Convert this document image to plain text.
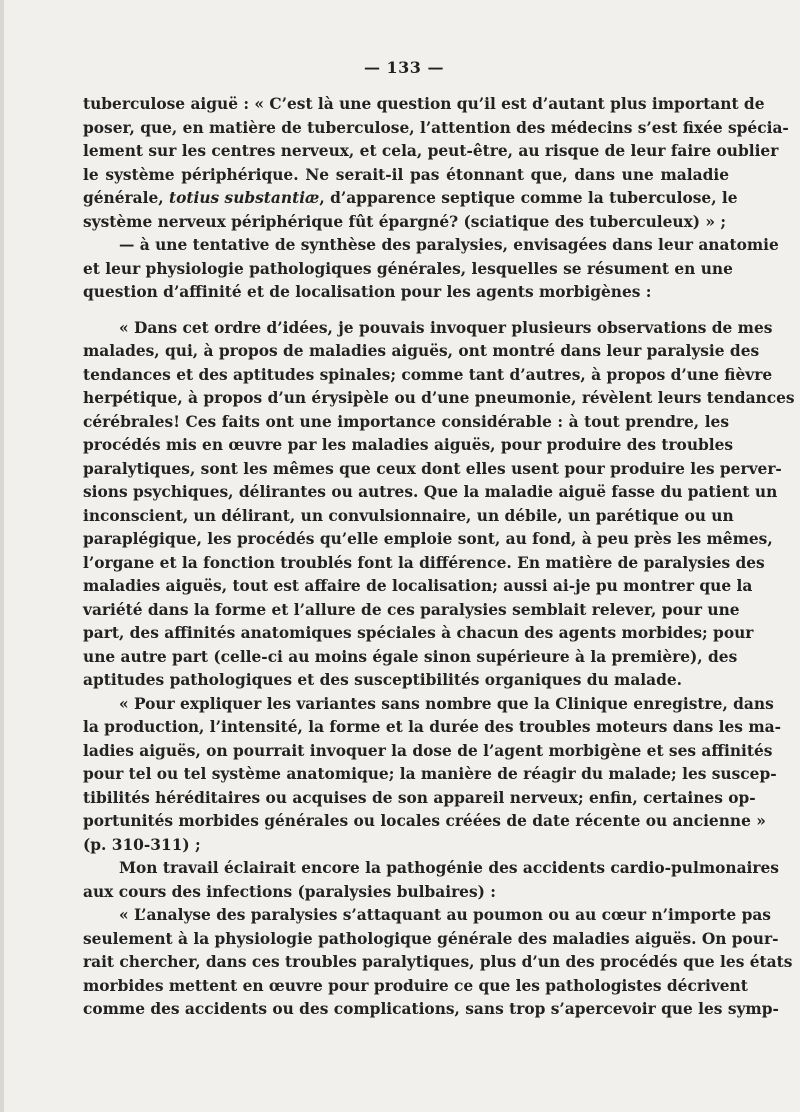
— 133 —
tuberculose aiguë : « C’est là une question qu’il est d’autant plus important de
poser, que, en matière de tuberculose, l’attention des médecins s’est fixée spécia-
lement sur les centres nerveux, et cela, peut-être, au risque de leur faire oublier
le système périphérique. Ne serait-il pas étonnant que, dans une maladie
générale, totius substantiæ, d’apparence septique comme la tuberculose, le
système nerveux périphérique fût épargné? (sciatique des tuberculeux) » ;
— à une tentative de synthèse des paralysies, envisagées dans leur anatomie
et leur physiologie pathologiques générales, lesquelles se résument en une
question d’affinité et de localisation pour les agents morbigènes :
« Dans cet ordre d’idées, je pouvais invoquer plusieurs observations de mes
malades, qui, à propos de maladies aiguës, ont montré dans leur paralysie des
tendances et des aptitudes spinales; comme tant d’autres, à propos d’une fièvre
herpétique, à propos d’un érysipèle ou d’une pneumonie, révèlent leurs tendances
cérébrales! Ces faits ont une importance considérable : à tout prendre, les
procédés mis en œuvre par les maladies aiguës, pour produire des troubles
paralytiques, sont les mêmes que ceux dont elles usent pour produire les perver-
sions psychiques, délirantes ou autres. Que la maladie aiguë fasse du patient un
inconscient, un délirant, un convulsionnaire, un débile, un parétique ou un
paraplégique, les procédés qu’elle emploie sont, au fond, à peu près les mêmes,
l’organe et la fonction troublés font la différence. En matière de paralysies des
maladies aiguës, tout est affaire de localisation; aussi ai-je pu montrer que la
variété dans la forme et l’allure de ces paralysies semblait relever, pour une
part, des affinités anatomiques spéciales à chacun des agents morbides; pour
une autre part (celle-ci au moins égale sinon supérieure à la première), des
aptitudes pathologiques et des susceptibilités organiques du malade.
« Pour expliquer les variantes sans nombre que la Clinique enregistre, dans
la production, l’intensité, la forme et la durée des troubles moteurs dans les ma-
ladies aiguës, on pourrait invoquer la dose de l’agent morbigène et ses affinités
pour tel ou tel système anatomique; la manière de réagir du malade; les suscep-
tibilités héréditaires ou acquises de son appareil nerveux; enfin, certaines op-
portunités morbides générales ou locales créées de date récente ou ancienne »
(p. 310-311) ;
Mon travail éclairait encore la pathogénie des accidents cardio-pulmonaires
aux cours des infections (paralysies bulbaires) :
« L’analyse des paralysies s’attaquant au poumon ou au cœur n’importe pas
seulement à la physiologie pathologique générale des maladies aiguës. On pour-
rait chercher, dans ces troubles paralytiques, plus d’un des procédés que les états
morbides mettent en œuvre pour produire ce que les pathologistes décrivent
comme des accidents ou des complications, sans trop s’apercevoir que les symp-
